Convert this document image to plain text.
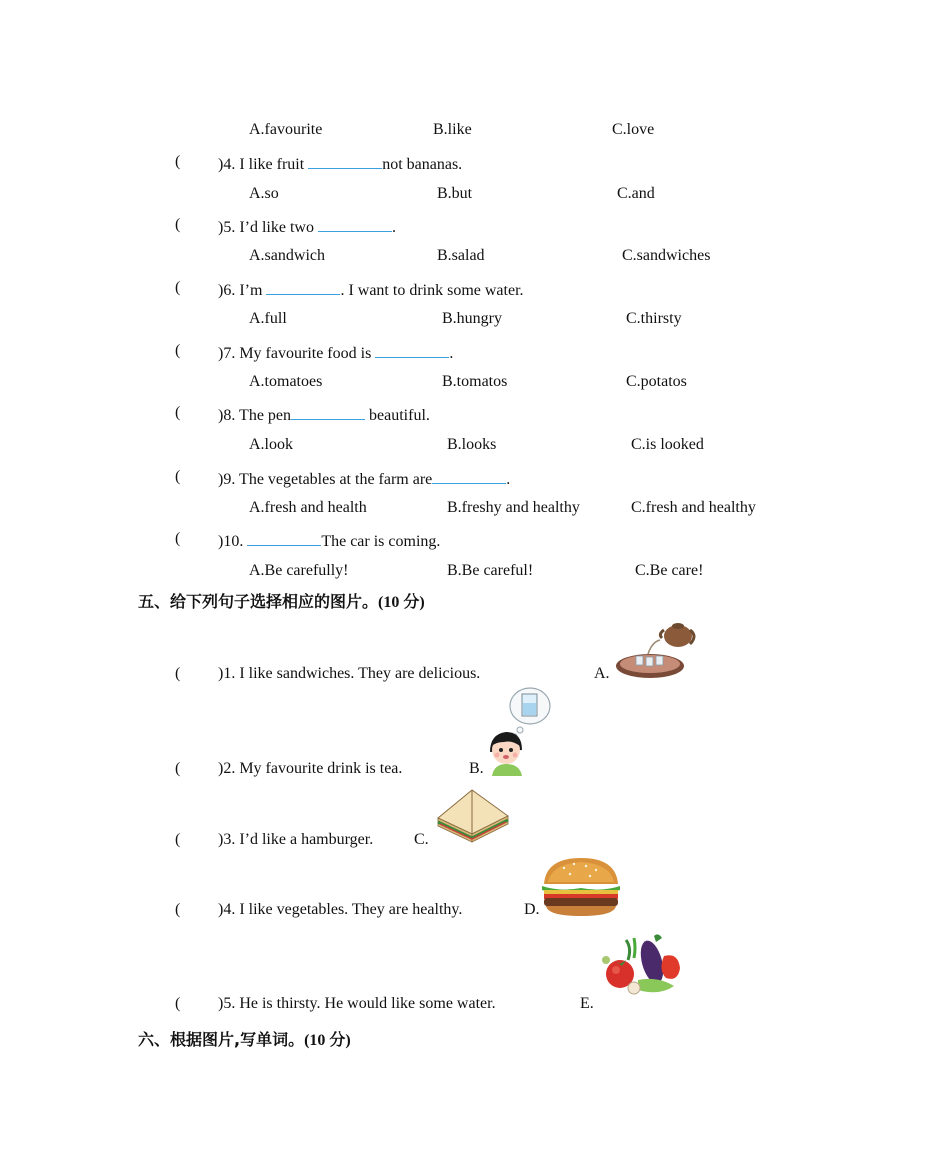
A.favourite	B.like	C.love
( )4. I like fruit	not bananas.
A.so	B.but	C.and
( )5. I’d like two	.
A.sandwich	B.salad	C.sandwiches
( )6. I’m	. I want to drink some water.
A.full	B.hungry	C.thirsty
( )7. My favourite food is	.
A.tomatoes	B.tomatos	C.potatos
( )8. The pen	beautiful.
A.look	B.looks	C.is looked
( )9. The vegetables at the farm are	.
A.fresh and health	B.freshy and healthy	C.fresh and healthy
( )10.	The car is coming.
A.Be carefully!	B.Be careful!	C.Be care!
五、给下列句子选择相应的图片。(10 分)
( )1. I like sandwiches. They are delicious.	A.
( )2. My favourite drink is tea.	B.
( )3. I’d like a hamburger.	C.
( )4. I like vegetables. They are healthy.	D.
( )5. He is thirsty. He would like some water.	E.
六、根据图片,写单词。(10 分)
